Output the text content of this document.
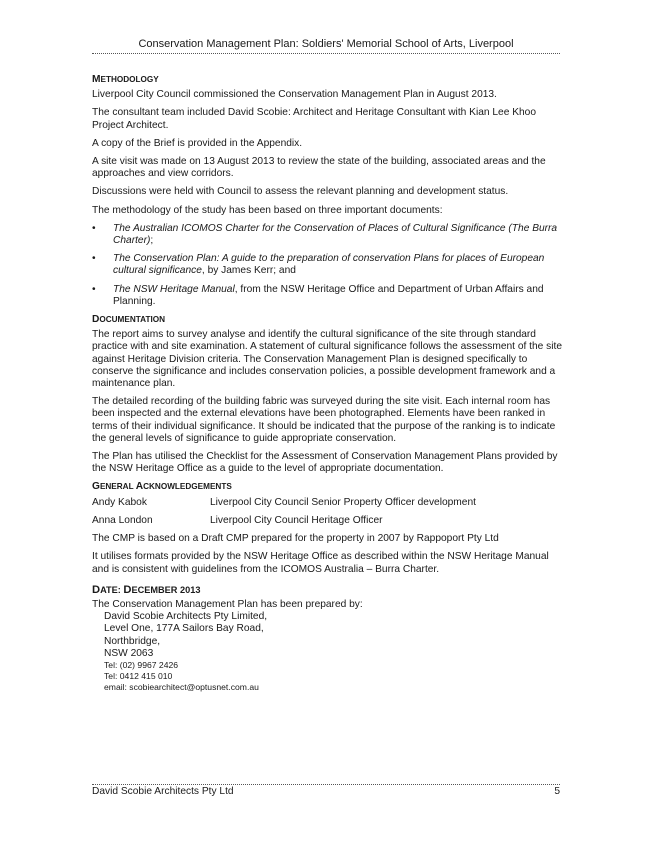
Conservation Management Plan: Soldiers' Memorial School of Arts, Liverpool
METHODOLOGY

Liverpool City Council commissioned the Conservation Management Plan in August 2013.

The consultant team included David Scobie: Architect and Heritage Consultant with Kian Lee Khoo Project Architect.

A copy of the Brief is provided in the Appendix.

A site visit was made on 13 August 2013 to review the state of the building, associated areas and the approaches and view corridors.

Discussions were held with Council to assess the relevant planning and development status.

The methodology of the study has been based on three important documents:

• The Australian ICOMOS Charter for the Conservation of Places of Cultural Significance (The Burra Charter);
• The Conservation Plan: A guide to the preparation of conservation Plans for places of European cultural significance, by James Kerr; and
• The NSW Heritage Manual, from the NSW Heritage Office and Department of Urban Affairs and Planning.
DOCUMENTATION

The report aims to survey analyse and identify the cultural significance of the site through standard practice with and site examination. A statement of cultural significance follows the assessment of the site against Heritage Division criteria. The Conservation Management Plan is designed specifically to conserve the significance and includes conservation policies, a possible development framework and a maintenance plan.

The detailed recording of the building fabric was surveyed during the site visit. Each internal room has been inspected and the external elevations have been photographed. Elements have been ranked in terms of their individual significance. It should be indicated that the purpose of the ranking is to indicate the general levels of significance to guide appropriate conservation.

The Plan has utilised the Checklist for the Assessment of Conservation Management Plans provided by the NSW Heritage Office as a guide to the level of appropriate documentation.

GENERAL ACKNOWLEDGEMENTS
Andy Kabok	Liverpool City Council Senior Property Officer development
Anna London	Liverpool City Council Heritage Officer

The CMP is based on a Draft CMP prepared for the property in 2007 by Rappoport Pty Ltd

It utilises formats provided by the NSW Heritage Office as described within the NSW Heritage Manual and is consistent with guidelines from the ICOMOS Australia – Burra Charter.

DATE: DECEMBER 2013
The Conservation Management Plan has been prepared by:
David Scobie Architects Pty Limited,
Level One, 177A Sailors Bay Road,
Northbridge,
NSW 2063
Tel: (02) 9967 2426
Tel: 0412 415 010
email: scobiearchitect@optusnet.com.au
David Scobie Architects Pty Ltd	5
